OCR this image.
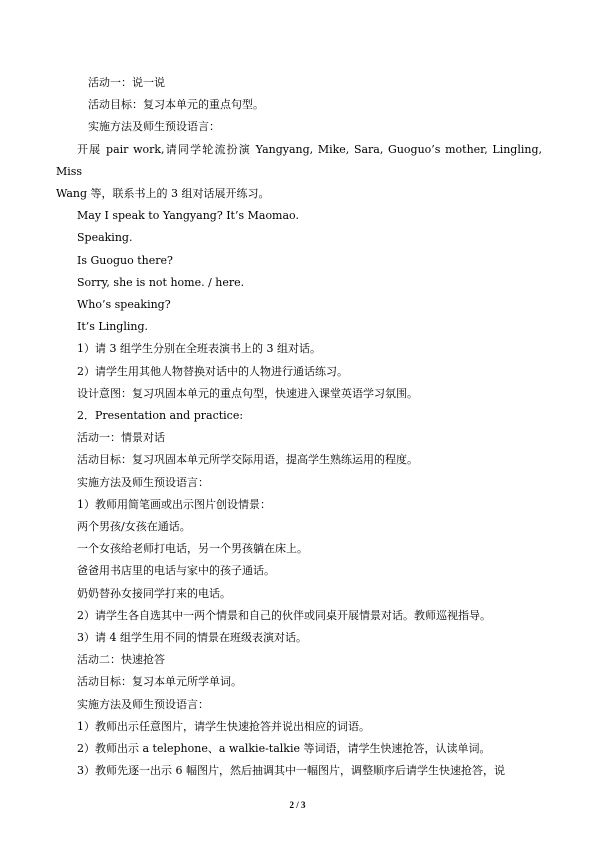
活动一：说一说

活动目标：复习本单元的重点句型。

实施方法及师生预设语言：

开展 pair work,请同学轮流扮演 Yangyang, Mike, Sara, Guoguo’s mother, Lingling, Miss
Wang 等，联系书上的 3 组对话展开练习。

May I speak to Yangyang? It’s Maomao.

Speaking.

Is Guoguo there?

Sorry, she is not home. / here.

Who’s speaking?

It’s Lingling.

1）请 3 组学生分别在全班表演书上的 3 组对话。

2）请学生用其他人物替换对话中的人物进行通话练习。

设计意图：复习巩固本单元的重点句型，快速进入课堂英语学习氛围。

2．Presentation and practice:

活动一：情景对话

活动目标：复习巩固本单元所学交际用语，提高学生熟练运用的程度。

实施方法及师生预设语言：

1）教师用简笔画或出示图片创设情景：

两个男孩/女孩在通话。

一个女孩给老师打电话，另一个男孩躺在床上。

爸爸用书店里的电话与家中的孩子通话。

奶奶替孙女接同学打来的电话。

2）请学生各自选其中一两个情景和自己的伙伴或同桌开展情景对话。教师巡视指导。

3）请 4 组学生用不同的情景在班级表演对话。

活动二：快速抢答

活动目标：复习本单元所学单词。

实施方法及师生预设语言：

1）教师出示任意图片，请学生快速抢答并说出相应的词语。

2）教师出示 a telephone、a walkie-talkie 等词语，请学生快速抢答，认读单词。

3）教师先逐一出示 6 幅图片，然后抽调其中一幅图片，调整顺序后请学生快速抢答，说

2 / 3
